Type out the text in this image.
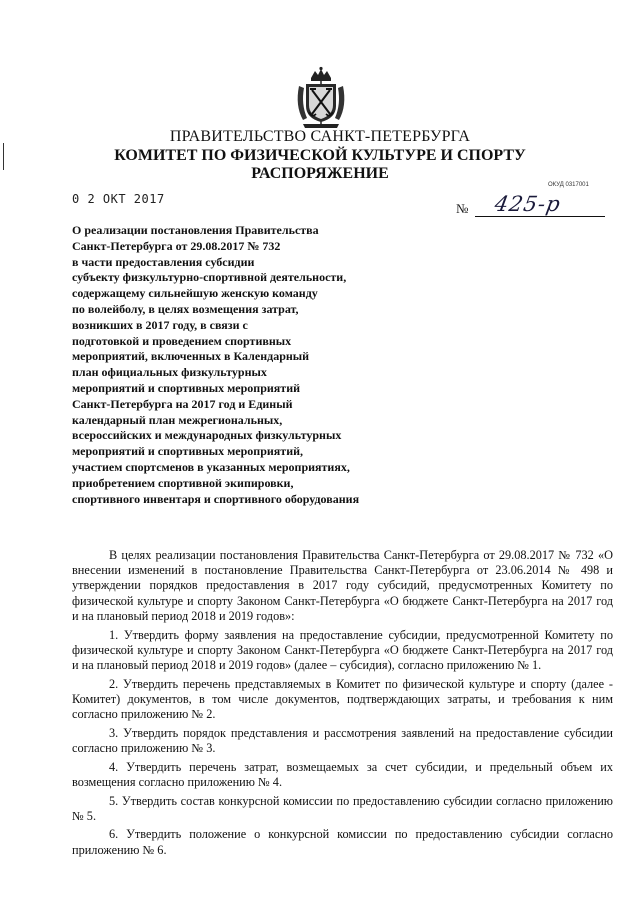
ПРАВИТЕЛЬСТВО САНКТ-ПЕТЕРБУРГА
КОМИТЕТ ПО ФИЗИЧЕСКОЙ КУЛЬТУРЕ И СПОРТУ
РАСПОРЯЖЕНИЕ
ОКУД 0317001
0 2 ОКТ 2017
№ 425-р
О реализации постановления Правительства
Санкт-Петербурга от 29.08.2017 № 732
в части предоставления субсидии
субъекту физкультурно-спортивной деятельности,
содержащему сильнейшую женскую команду
по волейболу, в целях возмещения затрат,
возникших в 2017 году, в связи с
подготовкой и проведением спортивных
мероприятий, включенных в Календарный
план официальных физкультурных
мероприятий и спортивных мероприятий
Санкт-Петербурга на 2017 год и Единый
календарный план межрегиональных,
всероссийских и международных физкультурных
мероприятий и спортивных мероприятий,
участием спортсменов в указанных мероприятиях,
приобретением спортивной экипировки,
спортивного инвентаря и спортивного оборудования

В целях реализации постановления Правительства Санкт-Петербурга от 29.08.2017 № 732 «О внесении изменений в постановление Правительства Санкт-Петербурга от 23.06.2014 № 498 и утверждении порядков предоставления в 2017 году субсидий, предусмотренных Комитету по физической культуре и спорту Законом Санкт-Петербурга «О бюджете Санкт-Петербурга на 2017 год и на плановый период 2018 и 2019 годов»:

1. Утвердить форму заявления на предоставление субсидии, предусмотренной Комитету по физической культуре и спорту Законом Санкт-Петербурга «О бюджете Санкт-Петербурга на 2017 год и на плановый период 2018 и 2019 годов» (далее – субсидия), согласно приложению № 1.

2. Утвердить перечень представляемых в Комитет по физической культуре и спорту (далее - Комитет) документов, в том числе документов, подтверждающих затраты, и требования к ним согласно приложению № 2.

3. Утвердить порядок представления и рассмотрения заявлений на предоставление субсидии согласно приложению № 3.

4. Утвердить перечень затрат, возмещаемых за счет субсидии, и предельный объем их возмещения согласно приложению № 4.

5. Утвердить состав конкурсной комиссии по предоставлению субсидии согласно приложению № 5.

6. Утвердить положение о конкурсной комиссии по предоставлению субсидии согласно приложению № 6.
